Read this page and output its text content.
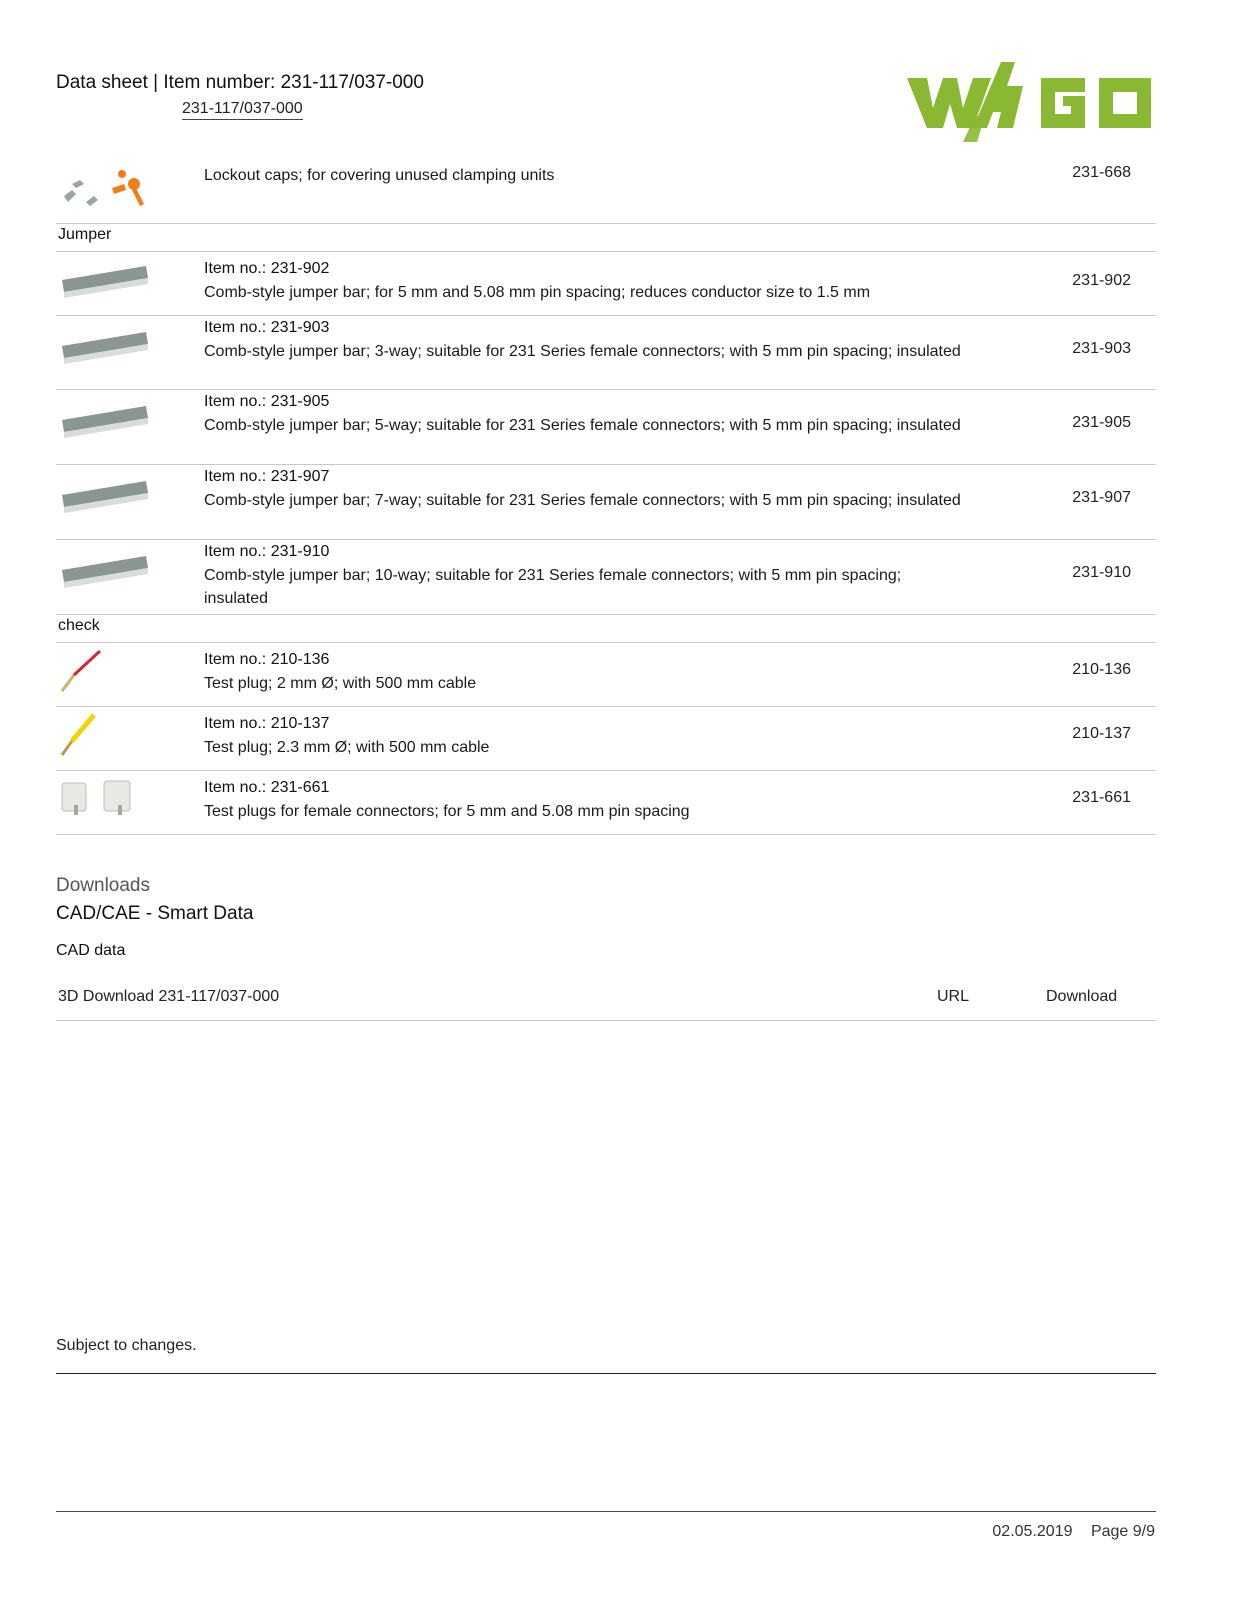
Data sheet | Item number: 231-117/037-000
231-117/037-000
Lockout caps; for covering unused clamping units	231-668
Jumper
Item no.: 231-902
Comb-style jumper bar; for 5 mm and 5.08 mm pin spacing; reduces conductor size to 1.5 mm
231-902
Item no.: 231-903
Comb-style jumper bar; 3-way; suitable for 231 Series female connectors; with 5 mm pin spacing; insulated	231-903
Item no.: 231-905
Comb-style jumper bar; 5-way; suitable for 231 Series female connectors; with 5 mm pin spacing; insulated	231-905
Item no.: 231-907
Comb-style jumper bar; 7-way; suitable for 231 Series female connectors; with 5 mm pin spacing; insulated	231-907
Item no.: 231-910
Comb-style jumper bar; 10-way; suitable for 231 Series female connectors; with 5 mm pin spacing; insulated
231-910
check
Item no.: 210-136
Test plug; 2 mm Ø; with 500 mm cable
210-136
Item no.: 210-137
Test plug; 2.3 mm Ø; with 500 mm cable
210-137
Item no.: 231-661
Test plugs for female connectors; for 5 mm and 5.08 mm pin spacing
231-661
Downloads
CAD/CAE - Smart Data
CAD data
3D Download 231-117/037-000	URL	Download
Subject to changes.
02.05.2019 Page 9/9
